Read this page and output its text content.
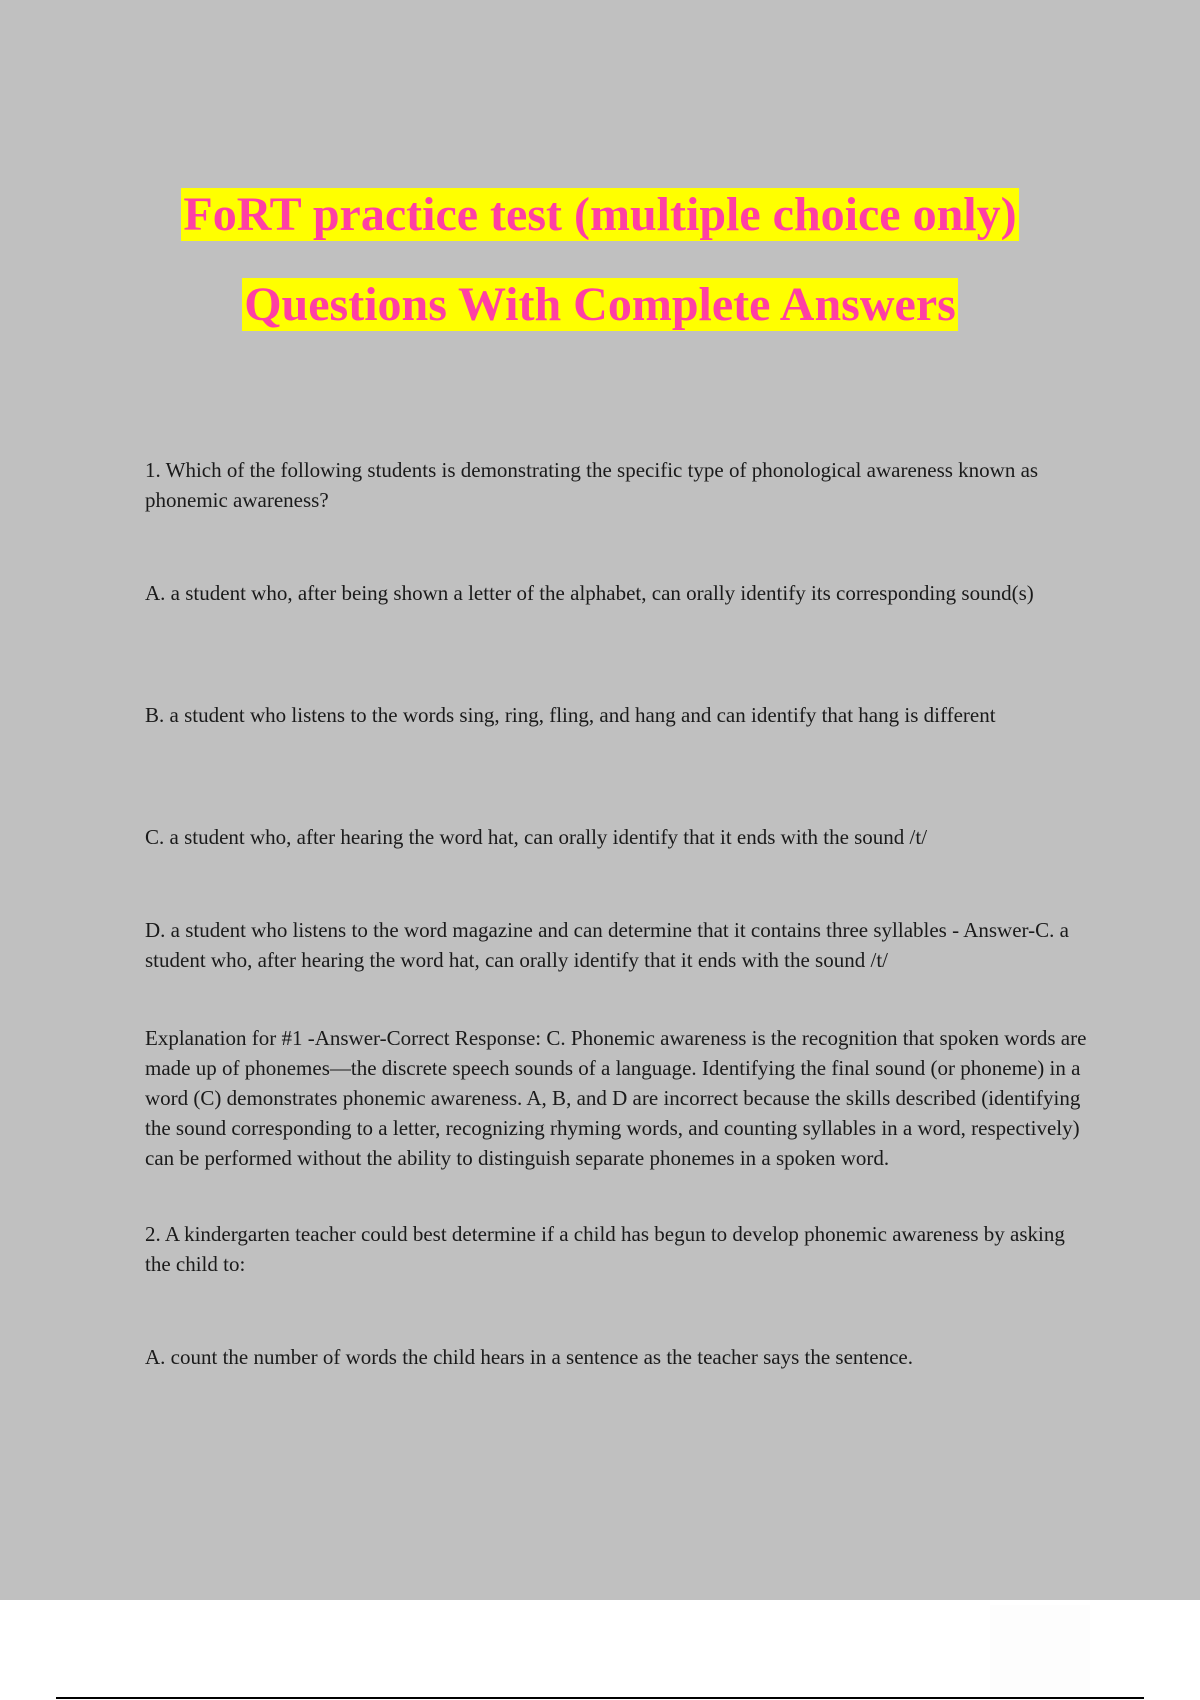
FoRT practice test (multiple choice only)
Questions With Complete Answers

1. Which of the following students is demonstrating the specific type of phonological awareness known as phonemic awareness?

A. a student who, after being shown a letter of the alphabet, can orally identify its corresponding sound(s)

B. a student who listens to the words sing, ring, fling, and hang and can identify that hang is different

C. a student who, after hearing the word hat, can orally identify that it ends with the sound /t/

D. a student who listens to the word magazine and can determine that it contains three syllables - Answer-C. a student who, after hearing the word hat, can orally identify that it ends with the sound /t/

Explanation for #1 -Answer-Correct Response: C. Phonemic awareness is the recognition that spoken words are made up of phonemes—the discrete speech sounds of a language. Identifying the final sound (or phoneme) in a word (C) demonstrates phonemic awareness. A, B, and D are incorrect because the skills described (identifying the sound corresponding to a letter, recognizing rhyming words, and counting syllables in a word, respectively) can be performed without the ability to distinguish separate phonemes in a spoken word.

2. A kindergarten teacher could best determine if a child has begun to develop phonemic awareness by asking the child to:

A. count the number of words the child hears in a sentence as the teacher says the sentence.
